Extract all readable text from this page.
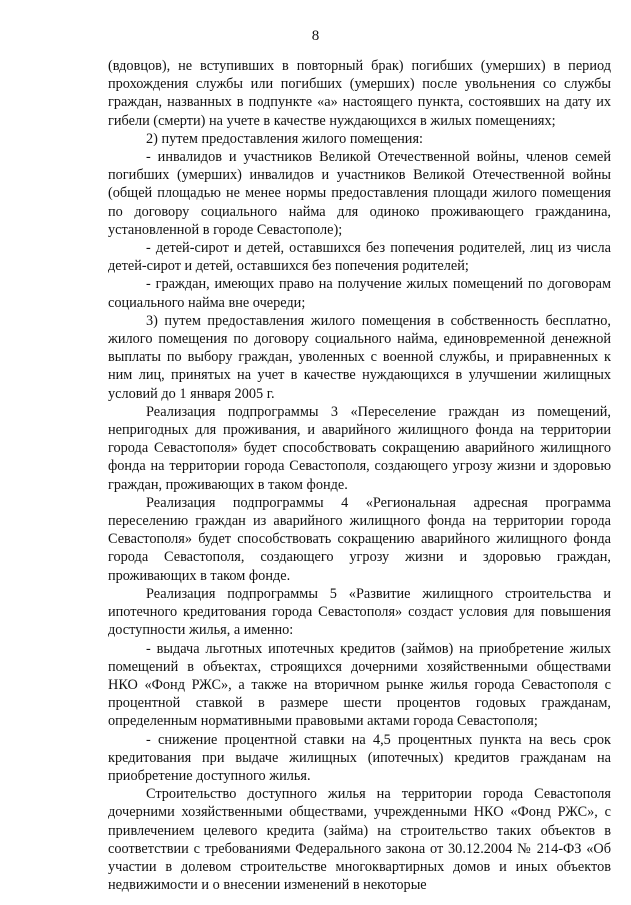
8

(вдовцов), не вступивших в повторный брак) погибших (умерших) в период прохождения службы или погибших (умерших) после увольнения со службы граждан, названных в подпункте «а» настоящего пункта, состоявших на дату их гибели (смерти) на учете в качестве нуждающихся в жилых помещениях;

2) путем предоставления жилого помещения:

- инвалидов и участников Великой Отечественной войны, членов семей погибших (умерших) инвалидов и участников Великой Отечественной войны (общей площадью не менее нормы предоставления площади жилого помещения по договору социального найма для одиноко проживающего гражданина, установленной в городе Севастополе);

- детей-сирот и детей, оставшихся без попечения родителей, лиц из числа детей-сирот и детей, оставшихся без попечения родителей;

- граждан, имеющих право на получение жилых помещений по договорам социального найма вне очереди;

3) путем предоставления жилого помещения в собственность бесплатно, жилого помещения по договору социального найма, единовременной денежной выплаты по выбору граждан, уволенных с военной службы, и приравненных к ним лиц, принятых на учет в качестве нуждающихся в улучшении жилищных условий до 1 января 2005 г.

Реализация подпрограммы 3 «Переселение граждан из помещений, непригодных для проживания, и аварийного жилищного фонда на территории города Севастополя» будет способствовать сокращению аварийного жилищного фонда на территории города Севастополя, создающего угрозу жизни и здоровью граждан, проживающих в таком фонде.

Реализация подпрограммы 4 «Региональная адресная программа переселению граждан из аварийного жилищного фонда на территории города Севастополя» будет способствовать сокращению аварийного жилищного фонда города Севастополя, создающего угрозу жизни и здоровью граждан, проживающих в таком фонде.

Реализация подпрограммы 5 «Развитие жилищного строительства и ипотечного кредитования города Севастополя» создаст условия для повышения доступности жилья, а именно:

- выдача льготных ипотечных кредитов (займов) на приобретение жилых помещений в объектах, строящихся дочерними хозяйственными обществами НКО «Фонд РЖС», а также на вторичном рынке жилья города Севастополя с процентной ставкой в размере шести процентов годовых гражданам, определенным нормативными правовыми актами города Севастополя;

- снижение процентной ставки на 4,5 процентных пункта на весь срок кредитования при выдаче жилищных (ипотечных) кредитов гражданам на приобретение доступного жилья.

Строительство доступного жилья на территории города Севастополя дочерними хозяйственными обществами, учрежденными НКО «Фонд РЖС», с привлечением целевого кредита (займа) на строительство таких объектов в соответствии с требованиями Федерального закона от 30.12.2004 № 214-ФЗ «Об участии в долевом строительстве многоквартирных домов и иных объектов недвижимости и о внесении изменений в некоторые
